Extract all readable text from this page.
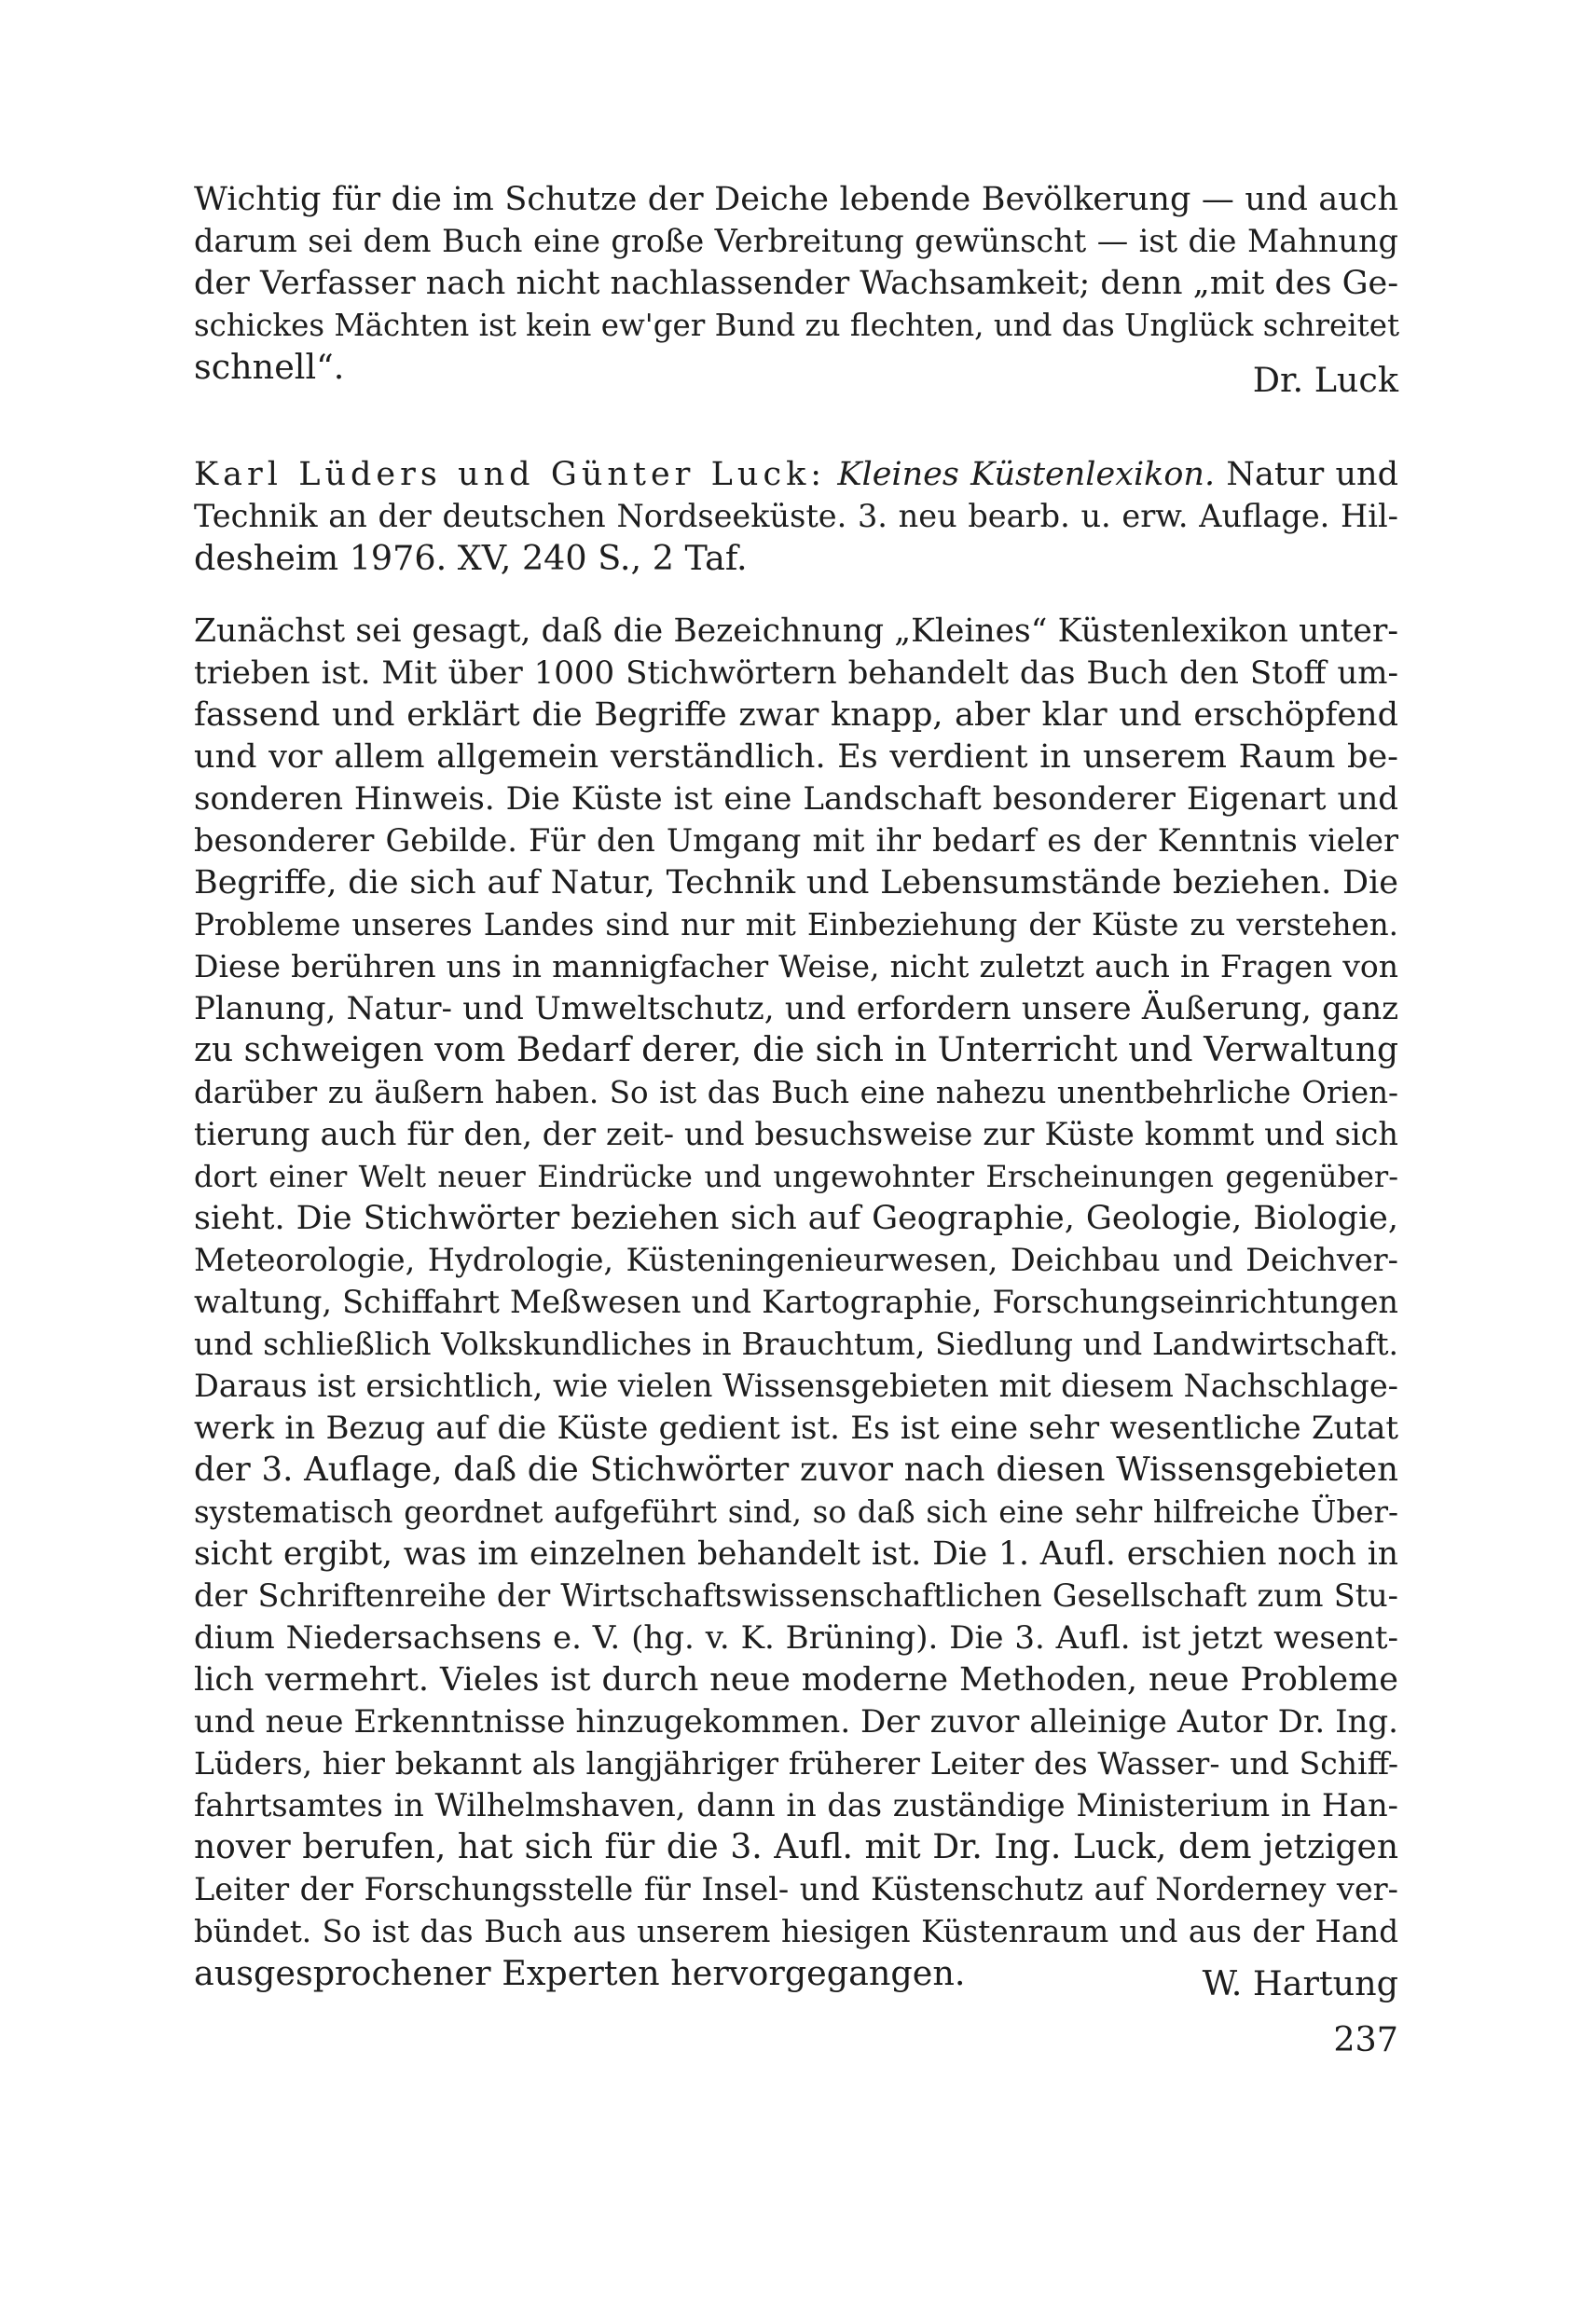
Wichtig für die im Schutze der Deiche lebende Bevölkerung — und auch
darum sei dem Buch eine große Verbreitung gewünscht — ist die Mahnung
der Verfasser nach nicht nachlassender Wachsamkeit; denn „mit des Ge-
schickes Mächten ist kein ew'ger Bund zu flechten, und das Unglück schreitet
schnell“.	Dr. Luck
Karl Lüders und Günter Luck: Kleines Küstenlexikon. Natur und
Technik an der deutschen Nordseeküste. 3. neu bearb. u. erw. Auflage. Hil-
desheim 1976. XV, 240 S., 2 Taf.
Zunächst sei gesagt, daß die Bezeichnung „Kleines“ Küstenlexikon unter-
trieben ist. Mit über 1000 Stichwörtern behandelt das Buch den Stoff um-
fassend und erklärt die Begriffe zwar knapp, aber klar und erschöpfend
und vor allem allgemein verständlich. Es verdient in unserem Raum be-
sonderen Hinweis. Die Küste ist eine Landschaft besonderer Eigenart und
besonderer Gebilde. Für den Umgang mit ihr bedarf es der Kenntnis vieler
Begriffe, die sich auf Natur, Technik und Lebensumstände beziehen. Die
Probleme unseres Landes sind nur mit Einbeziehung der Küste zu verstehen.
Diese berühren uns in mannigfacher Weise, nicht zuletzt auch in Fragen von
Planung, Natur- und Umweltschutz, und erfordern unsere Äußerung, ganz
zu schweigen vom Bedarf derer, die sich in Unterricht und Verwaltung
darüber zu äußern haben. So ist das Buch eine nahezu unentbehrliche Orien-
tierung auch für den, der zeit- und besuchsweise zur Küste kommt und sich
dort einer Welt neuer Eindrücke und ungewohnter Erscheinungen gegenüber-
sieht. Die Stichwörter beziehen sich auf Geographie, Geologie, Biologie,
Meteorologie, Hydrologie, Küsteningenieurwesen, Deichbau und Deichver-
waltung, Schiffahrt Meßwesen und Kartographie, Forschungseinrichtungen
und schließlich Volkskundliches in Brauchtum, Siedlung und Landwirtschaft.
Daraus ist ersichtlich, wie vielen Wissensgebieten mit diesem Nachschlage-
werk in Bezug auf die Küste gedient ist. Es ist eine sehr wesentliche Zutat
der 3. Auflage, daß die Stichwörter zuvor nach diesen Wissensgebieten
systematisch geordnet aufgeführt sind, so daß sich eine sehr hilfreiche Über-
sicht ergibt, was im einzelnen behandelt ist. Die 1. Aufl. erschien noch in
der Schriftenreihe der Wirtschaftswissenschaftlichen Gesellschaft zum Stu-
dium Niedersachsens e. V. (hg. v. K. Brüning). Die 3. Aufl. ist jetzt wesent-
lich vermehrt. Vieles ist durch neue moderne Methoden, neue Probleme
und neue Erkenntnisse hinzugekommen. Der zuvor alleinige Autor Dr. Ing.
Lüders, hier bekannt als langjähriger früherer Leiter des Wasser- und Schiff-
fahrtsamtes in Wilhelmshaven, dann in das zuständige Ministerium in Han-
nover berufen, hat sich für die 3. Aufl. mit Dr. Ing. Luck, dem jetzigen
Leiter der Forschungsstelle für Insel- und Küstenschutz auf Norderney ver-
bündet. So ist das Buch aus unserem hiesigen Küstenraum und aus der Hand
ausgesprochener Experten hervorgegangen.	W. Hartung
237
